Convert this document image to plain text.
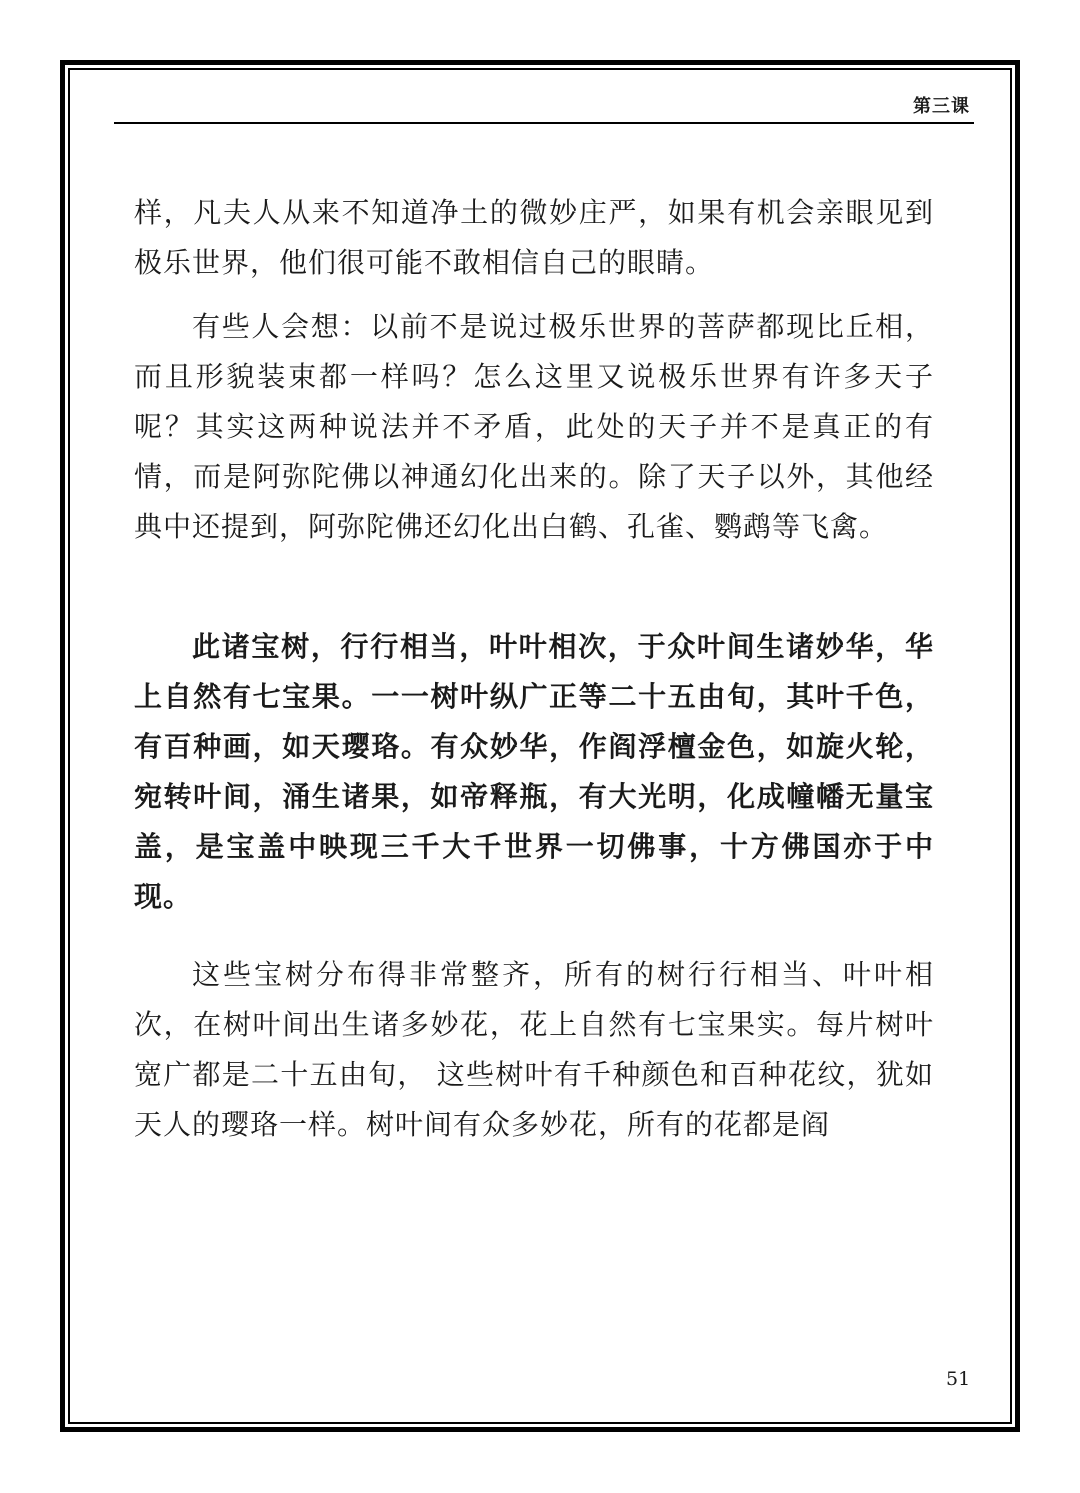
第三课

样，凡夫人从来不知道净土的微妙庄严，如果有机会亲眼见到极乐世界，他们很可能不敢相信自己的眼睛。

有些人会想：以前不是说过极乐世界的菩萨都现比丘相，而且形貌装束都一样吗？怎么这里又说极乐世界有许多天子呢？其实这两种说法并不矛盾，此处的天子并不是真正的有情，而是阿弥陀佛以神通幻化出来的。除了天子以外，其他经典中还提到，阿弥陀佛还幻化出白鹤、孔雀、鹦鹉等飞禽。

此诸宝树，行行相当，叶叶相次，于众叶间生诸妙华，华上自然有七宝果。一一树叶纵广正等二十五由旬，其叶千色，有百种画，如天璎珞。有众妙华，作阎浮檀金色，如旋火轮，宛转叶间，涌生诸果，如帝释瓶，有大光明，化成幢幡无量宝盖，是宝盖中映现三千大千世界一切佛事，十方佛国亦于中现。

这些宝树分布得非常整齐，所有的树行行相当、叶叶相次，在树叶间出生诸多妙花，花上自然有七宝果实。每片树叶宽广都是二十五由旬， 这些树叶有千种颜色和百种花纹，犹如天人的璎珞一样。树叶间有众多妙花，所有的花都是阎

51
